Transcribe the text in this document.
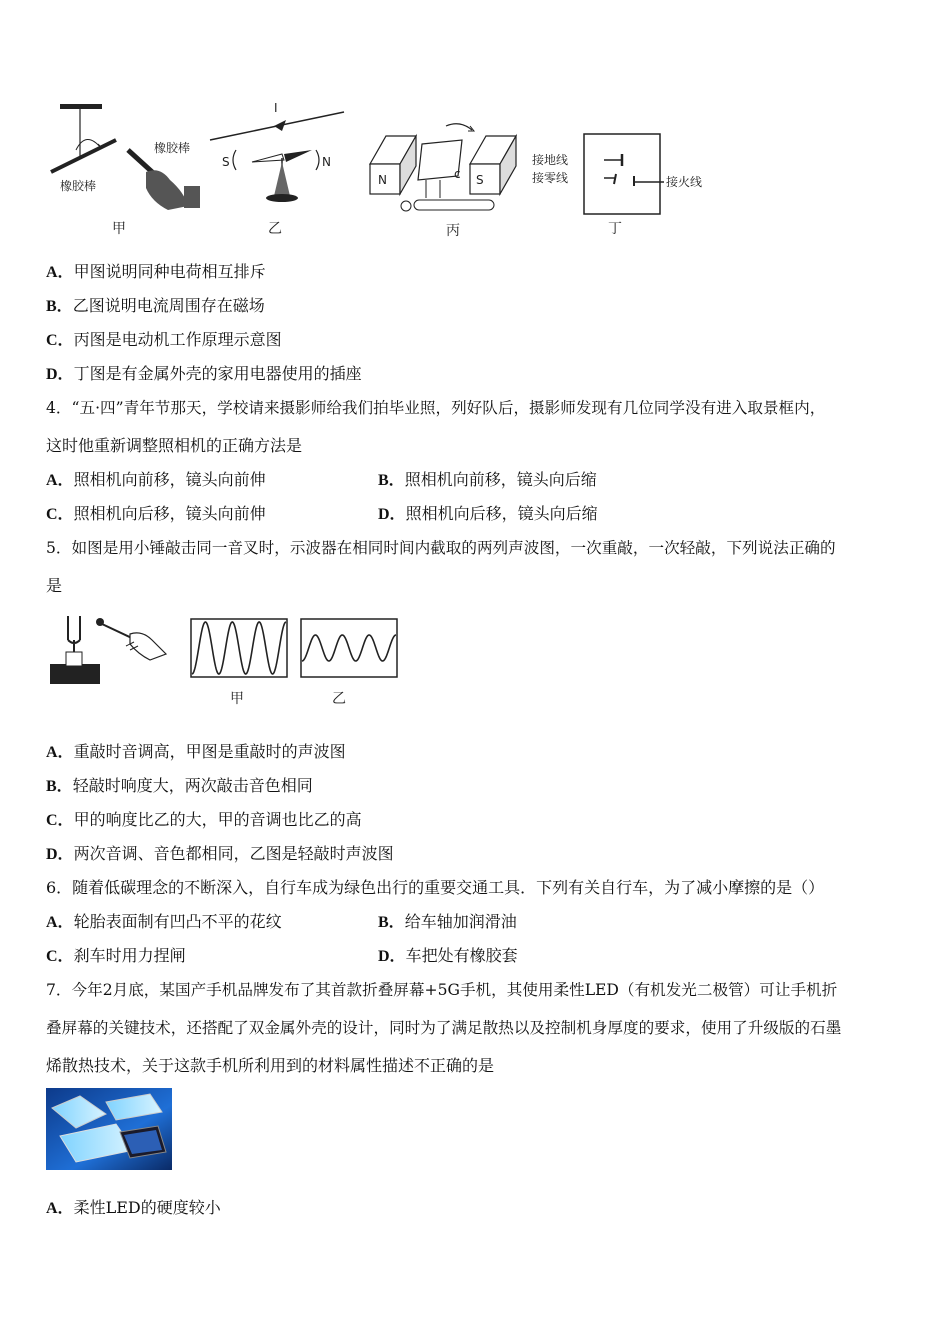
橡胶棒
橡胶棒
甲
I
S	N
乙
N	S
c
丙
接地线
接零线	接火线
丁
A．甲图说明同种电荷相互排斥
B．乙图说明电流周围存在磁场
C．丙图是电动机工作原理示意图
D．丁图是有金属外壳的家用电器使用的插座
4．“五·四”青年节那天，学校请来摄影师给我们拍毕业照，列好队后，摄影师发现有几位同学没有进入取景框内，
这时他重新调整照相机的正确方法是
A．照相机向前移，镜头向前伸	B．照相机向前移，镜头向后缩
C．照相机向后移，镜头向前伸	D．照相机向后移，镜头向后缩
5．如图是用小锤敲击同一音叉时，示波器在相同时间内截取的两列声波图，一次重敲，一次轻敲，下列说法正确的
是
甲	乙
A．重敲时音调高，甲图是重敲时的声波图
B．轻敲时响度大，两次敲击音色相同
C．甲的响度比乙的大，甲的音调也比乙的高
D．两次音调、音色都相同，乙图是轻敲时声波图
6．随着低碳理念的不断深入，自行车成为绿色出行的重要交通工具．下列有关自行车，为了减小摩擦的是（）
A．轮胎表面制有凹凸不平的花纹	B．给车轴加润滑油
C．刹车时用力捏闸	D．车把处有橡胶套
7．今年2月底，某国产手机品牌发布了其首款折叠屏幕+5G手机，其使用柔性LED（有机发光二极管）可让手机折
叠屏幕的关键技术，还搭配了双金属外壳的设计，同时为了满足散热以及控制机身厚度的要求，使用了升级版的石墨
烯散热技术，关于这款手机所利用到的材料属性描述不正确的是
A．柔性LED的硬度较小
